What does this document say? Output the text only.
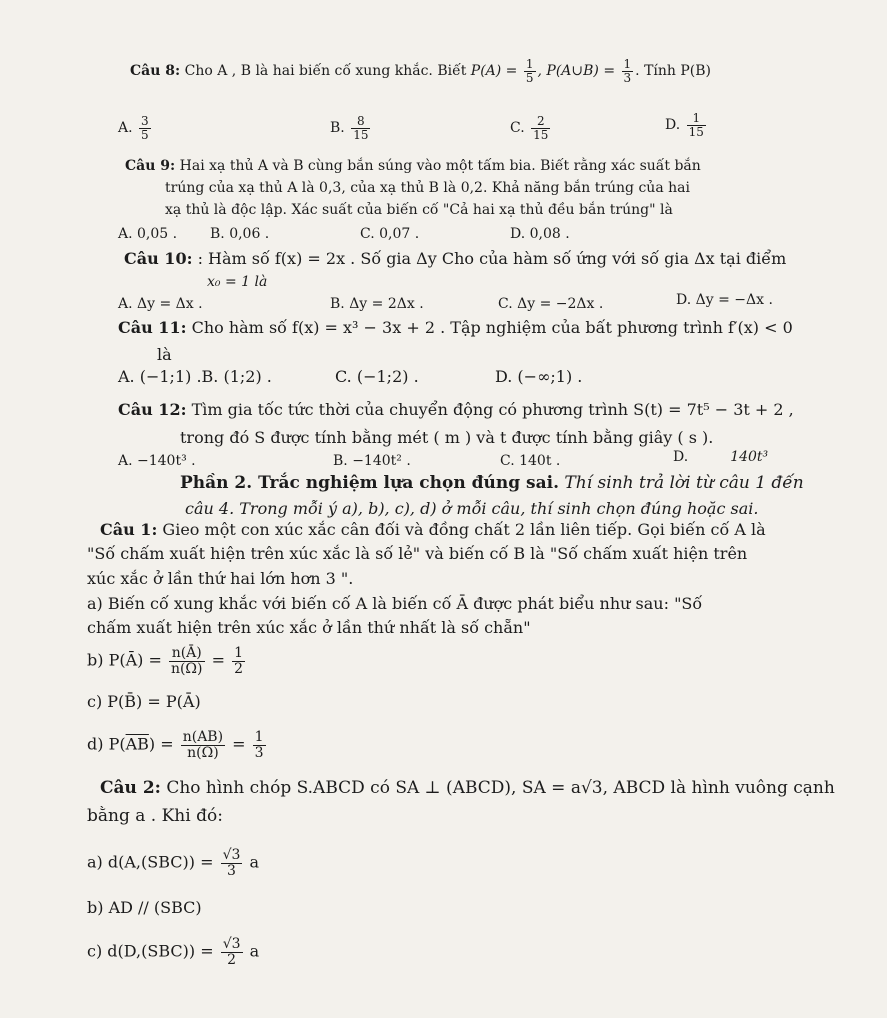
Câu 8: Cho A , B là hai biến cố xung khắc. Biết $P(A) = \frac{1}{5}$ , P(A∪B) = $\frac{1}{3}$ . Tính P(B)
A. $\frac{3}{5}$	B. $\frac{8}{15}$	C. $\frac{2}{15}$	D. $\frac{1}{15}$
Câu 9: Hai xạ thủ A và B cùng bắn súng vào một tấm bia. Biết rằng xác suất bắn
trúng của xạ thủ A là 0,3, của xạ thủ B là 0,2. Khả năng bắn trúng của hai
xạ thủ là độc lập. Xác suất của biến cố "Cả hai xạ thủ đều bắn trúng" là
A. 0,05 . B. 0,06 .	C. 0,07 .	D. 0,08 .
Câu 10: : Hàm số f(x) = 2x . Số gia Δy Cho của hàm số ứng với số gia Δx tại điểm
x₀ = 1 là
A. Δy = Δx .	B. Δy = 2Δx .	C. Δy = −2Δx .	D. Δy = −Δx .
Câu 11: Cho hàm số f(x) = x³ − 3x + 2 . Tập nghiệm của bất phương trình f′(x) < 0
là
A. (−1;1) .B. (1;2) .	C. (−1;2) .	D. (−∞;1) .
Câu 12: Tìm gia tốc tức thời của chuyển động có phương trình S(t) = 7t⁵ − 3t + 2 ,
trong đó S được tính bằng mét ( m ) và t được tính bằng giây ( s ).
A. −140t³ .	B. −140t² .	C. 140t .	D.	140t³
Phần 2. Trắc nghiệm lựa chọn đúng sai. Thí sinh trả lời từ câu 1 đến
câu 4. Trong mỗi ý a), b), c), d) ở mỗi câu, thí sinh chọn đúng hoặc sai.
Câu 1: Gieo một con xúc xắc cân đối và đồng chất 2 lần liên tiếp. Gọi biến cố A là
"Số chấm xuất hiện trên xúc xắc là số lẻ" và biến cố B là "Số chấm xuất hiện trên
xúc xắc ở lần thứ hai lớn hơn 3 ".
a) Biến cố xung khắc với biến cố A là biến cố Ā được phát biểu như sau: "Số
chấm xuất hiện trên xúc xắc ở lần thứ nhất là số chẵn"
b) P(Ā) = $\frac{n(Ā)}{n(\Omega)} = \frac{1}{2}$
c) P(B̄) = P(Ā)
d) $P(\overline{AB}) = \frac{n(AB)}{n(\Omega)} = \frac{1}{3}$
Câu 2: Cho hình chóp S.ABCD có SA ⊥ (ABCD), SA = a√3, ABCD là hình vuông cạnh
bằng a . Khi đó:
a) $d(A,(SBC)) = \frac{√3}{3}$ a
b) AD // (SBC)
c) $d(D,(SBC)) = \frac{√3}{2}$ a
